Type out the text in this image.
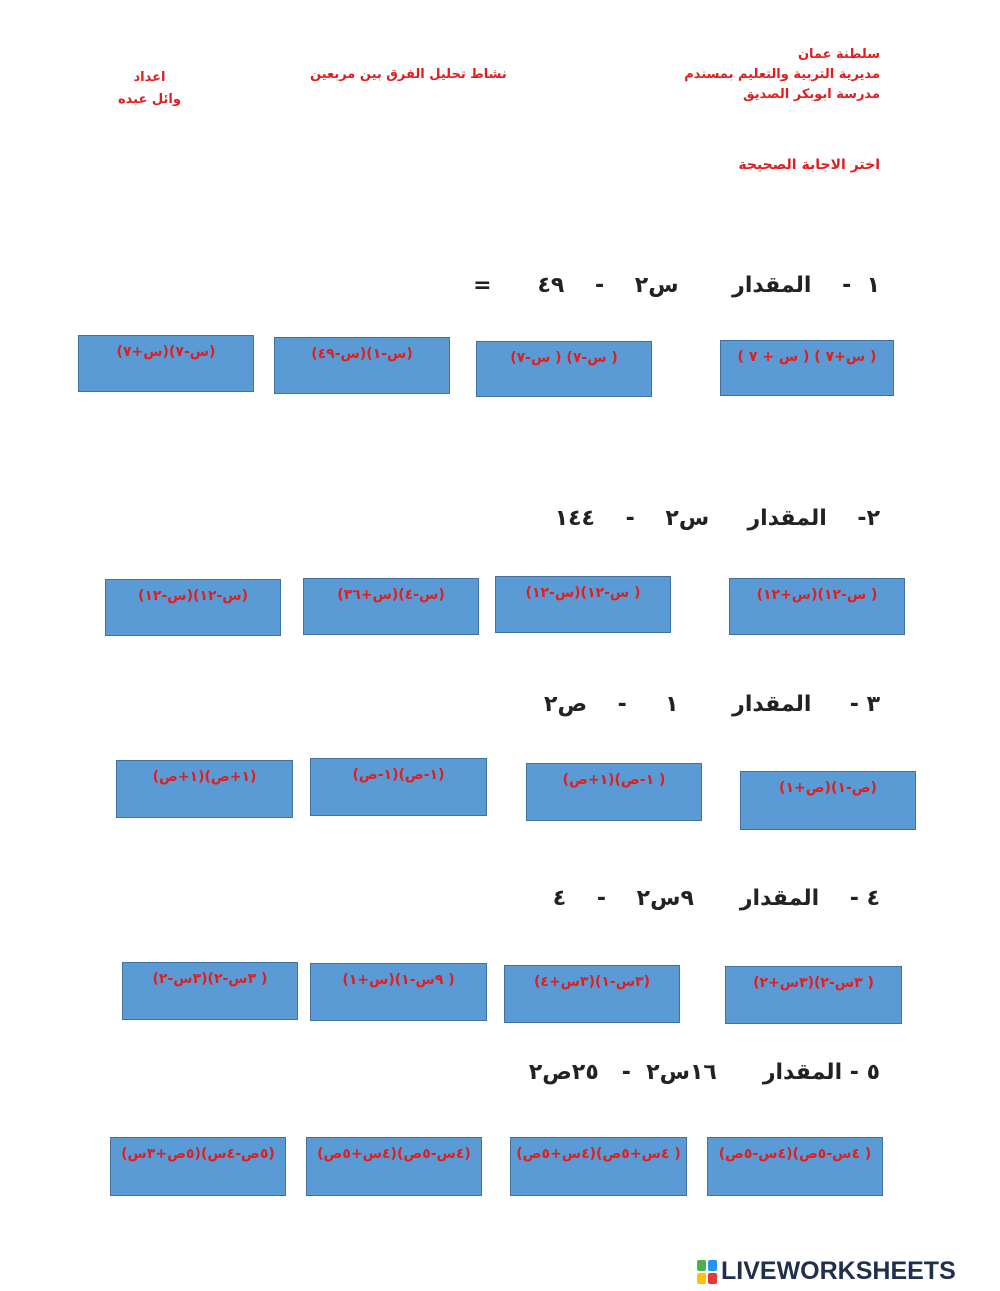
سلطنة عمان
مديرية التربية والتعليم بمسندم
مدرسة ابوبكر الصديق
نشاط تحليل الفرق بين مربعين
اعداد
وائل عبده
اختر الاجابة الصحيحة
١  -    المقدار       س٢    -    ٤٩      =
( س+٧ ) ( س + ٧ )
( س-٧) ( س-٧)
(س-١)(س-٤٩)
(س-٧)(س+٧)
٢-    المقدار     س٢    -    ١٤٤
( س-١٢)(س+١٢)
( س-١٢)(س-١٢)
(س-٤)(س+٣٦)
(س-١٢)(س-١٢)
٣ -     المقدار       ١     -    ص٢
(ص-١)(ص+١)
( ١-ص)(١+ص)
(١-ص)(١-ص)
(١+ص)(١+ص)
٤ -    المقدار      ٩س٢    -    ٤
( ٣س-٢)(٣س+٢)
(٣س-١)(٣س+٤)
( ٩س-١)(س+١)
( ٣س-٢)(٣س-٢)
٥ - المقدار      ١٦س٢  -   ٢٥ص٢
( ٤س-٥ص)(٤س-٥ص)
( ٤س+٥ص)(٤س+٥ص)
(٤س-٥ص)(٤س+٥ص)
(٥ص-٤س)(٥ص+٣س)
LIVEWORKSHEETS
